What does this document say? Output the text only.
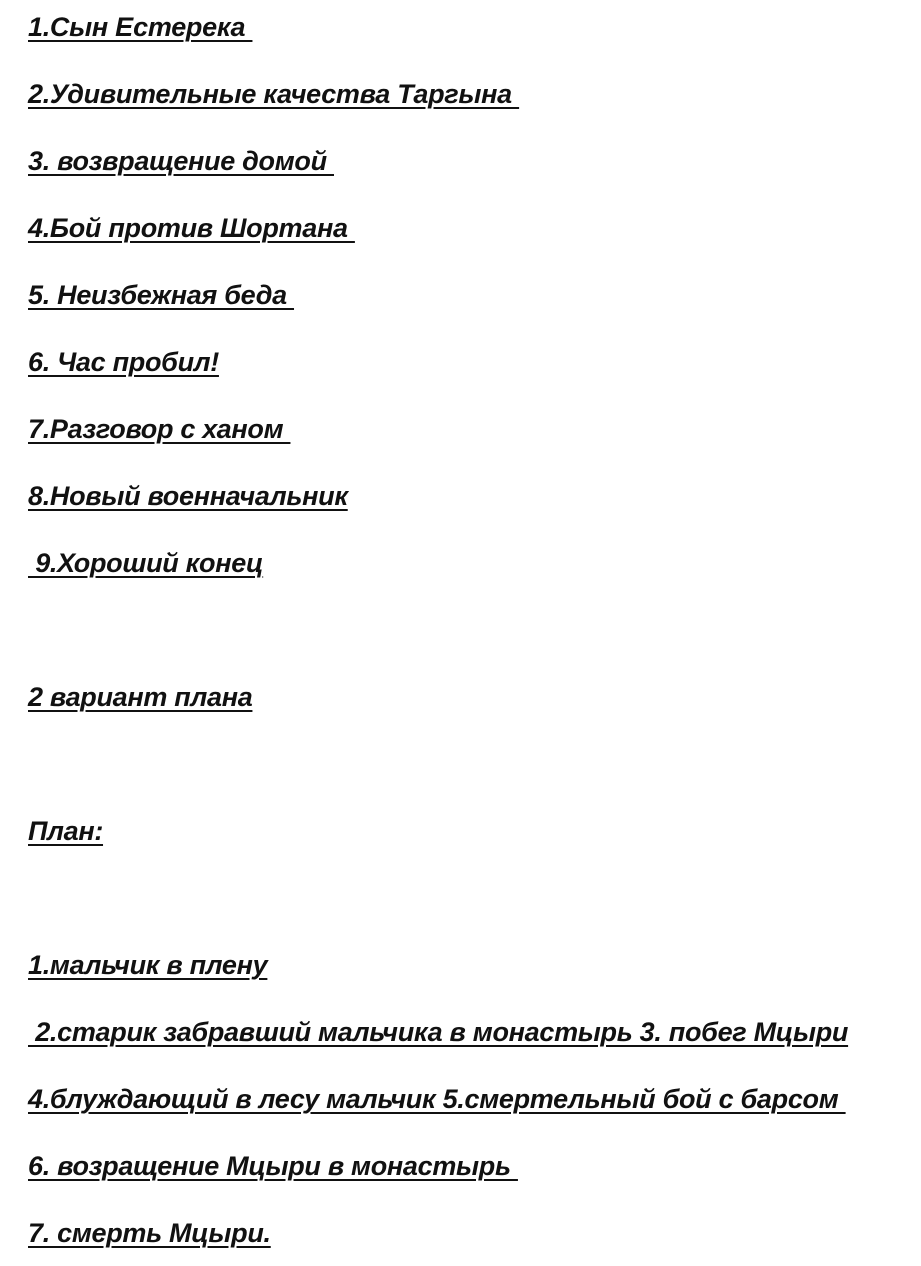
1.Сын Естерека
2.Удивительные качества Таргына
3. возвращение домой
4.Бой против Шортана
5. Неизбежная беда
6. Час пробил!
7.Разговор с ханом
8.Новый военначальник
9.Хороший конец
2 вариант плана
План:
1.мальчик в плену
2.старик забравший мальчика в монастырь 3. побег Мцыри
4.блуждающий в лесу мальчик 5.смертельный бой с барсом
6. возращение Мцыри в монастырь
7. смерть Мцыри.
